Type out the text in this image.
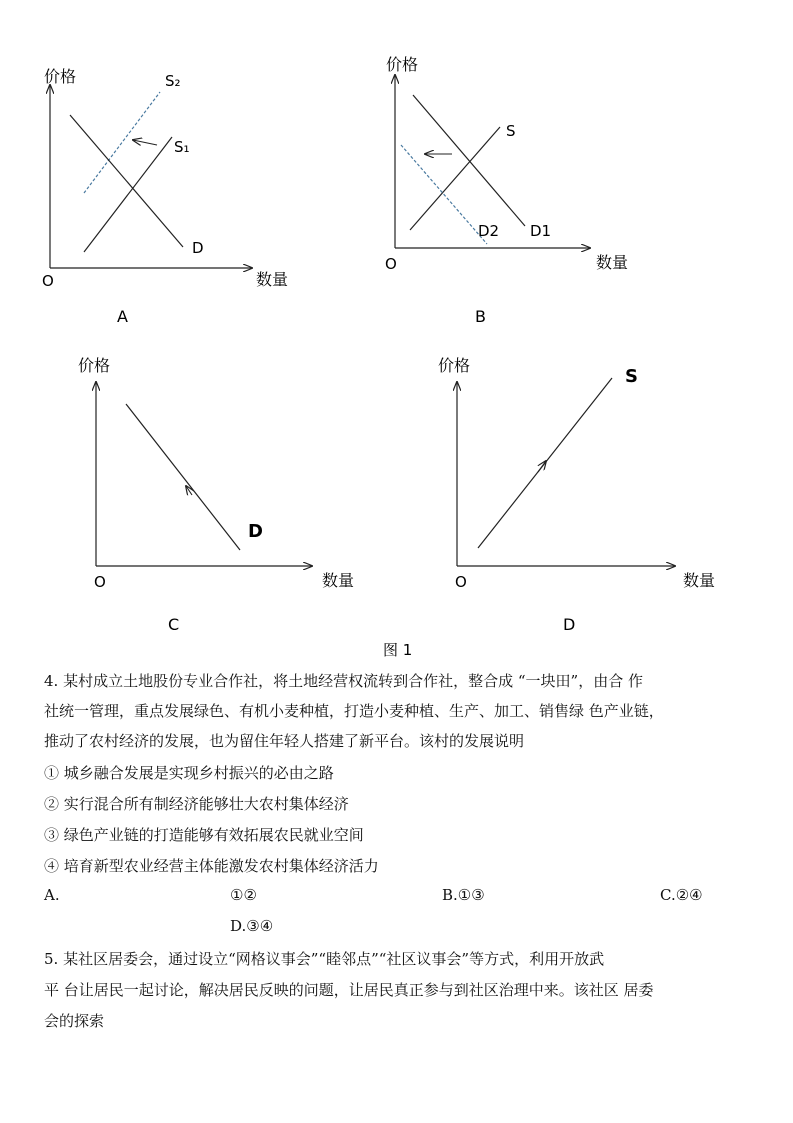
价格
数量
O
S₂
S₁
D
A
价格
数量
O
S
D2 D1
B
价格
数量
O
D
C
价格
数量
O
S
D
图 1
4. 某村成立土地股份专业合作社，将土地经营权流转到合作社，整合成 “一块田”，由合 作
社统一管理，重点发展绿色、有机小麦种植，打造小麦种植、生产、加工、销售绿 色产业链，
推动了农村经济的发展，也为留住年轻人搭建了新平台。该村的发展说明
① 城乡融合发展是实现乡村振兴的必由之路
② 实行混合所有制经济能够壮大农村集体经济
③ 绿色产业链的打造能够有效拓展农民就业空间
④ 培育新型农业经营主体能激发农村集体经济活力
A.	①②	B.①③	C.②④
D.③④
5. 某社区居委会，通过设立“网格议事会”“睦邻点”“社区议事会”等方式，利用开放武
平 台让居民一起讨论，解决居民反映的问题，让居民真正参与到社区治理中来。该社区 居委
会的探索
